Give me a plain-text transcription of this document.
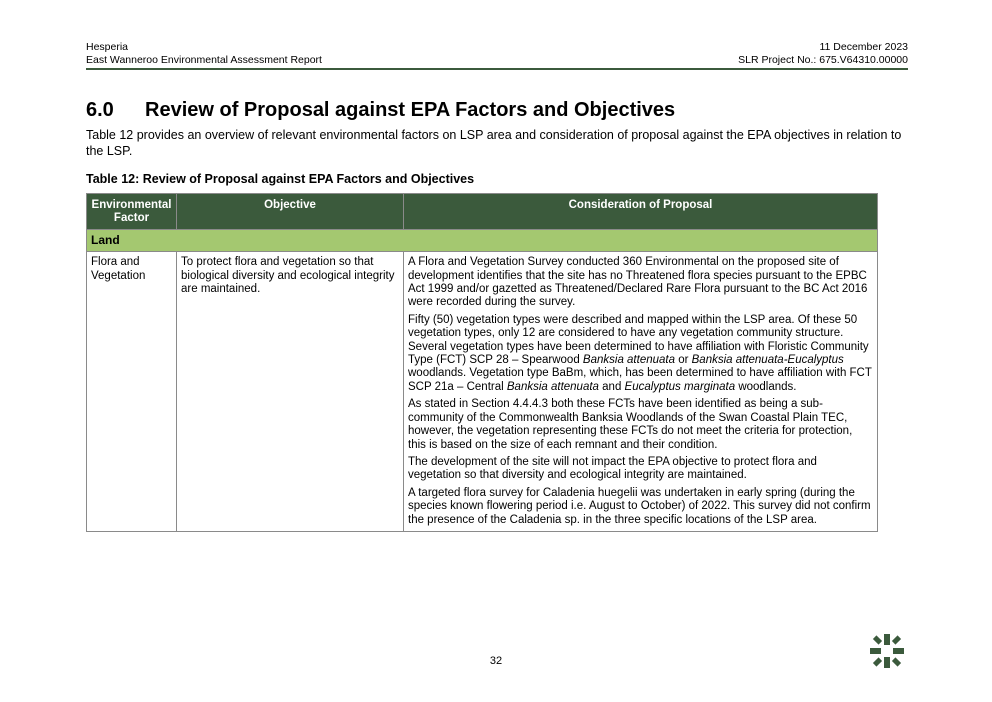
Hesperia
East Wanneroo Environmental Assessment Report
11 December 2023
SLR Project No.: 675.V64310.00000
6.0 Review of Proposal against EPA Factors and Objectives

Table 12 provides an overview of relevant environmental factors on LSP area and consideration of proposal against the EPA objectives in relation to the LSP.

Table 12: Review of Proposal against EPA Factors and Objectives

Environmental Factor	Objective	Consideration of Proposal
Land		
Flora and Vegetation	To protect flora and vegetation so that biological diversity and ecological integrity are maintained.	A Flora and Vegetation Survey conducted 360 Environmental on the proposed site of development identifies that the site has no Threatened flora species pursuant to the EPBC Act 1999 and/or gazetted as Threatened/Declared Rare Flora pursuant to the BC Act 2016 were recorded during the survey.

Fifty (50) vegetation types were described and mapped within the LSP area. Of these 50 vegetation types, only 12 are considered to have any vegetation community structure. Several vegetation types have been determined to have affiliation with Floristic Community Type (FCT) SCP 28 – Spearwood Banksia attenuata or Banksia attenuata-Eucalyptus woodlands. Vegetation type BaBm, which, has been determined to have affiliation with FCT SCP 21a – Central Banksia attenuata and Eucalyptus marginata woodlands.

As stated in Section 4.4.4.3 both these FCTs have been identified as being a sub-community of the Commonwealth Banksia Woodlands of the Swan Coastal Plain TEC, however, the vegetation representing these FCTs do not meet the criteria for protection, this is based on the size of each remnant and their condition.

The development of the site will not impact the EPA objective to protect flora and vegetation so that diversity and ecological integrity are maintained.

A targeted flora survey for Caladenia huegelii was undertaken in early spring (during the species known flowering period i.e. August to October) of 2022. This survey did not confirm the presence of the Caladenia sp. in the three specific locations of the LSP area.

32
